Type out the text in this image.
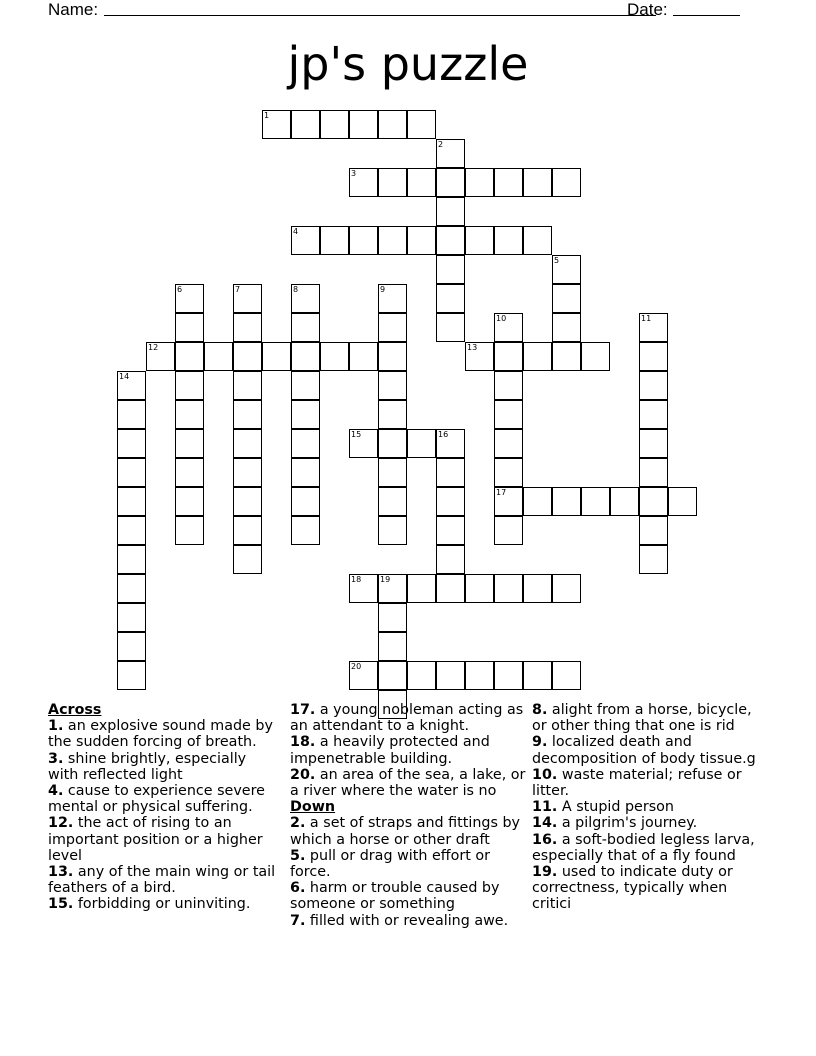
Name:	Date:
jp's puzzle
1
2
3
4
5
6	7	8	9
10	11
12	13
14
15	16
17
18 19
20
Across
1. an explosive sound made by the sudden forcing of breath.
3. shine brightly, especially with reflected light
4. cause to experience severe mental or physical suffering.
12. the act of rising to an important position or a higher level
13. any of the main wing or tail feathers of a bird.
15. forbidding or uninviting.
17. a young nobleman acting as an attendant to a knight.
18. a heavily protected and impenetrable building.
20. an area of the sea, a lake, or a river where the water is no
Down
2. a set of straps and fittings by which a horse or other draft
5. pull or drag with effort or force.
6. harm or trouble caused by someone or something
7. filled with or revealing awe.
8. alight from a horse, bicycle, or other thing that one is rid
9. localized death and decomposition of body tissue.g
10. waste material; refuse or litter.
11. A stupid person
14. a pilgrim's journey.
16. a soft-bodied legless larva, especially that of a fly found
19. used to indicate duty or correctness, typically when critici
